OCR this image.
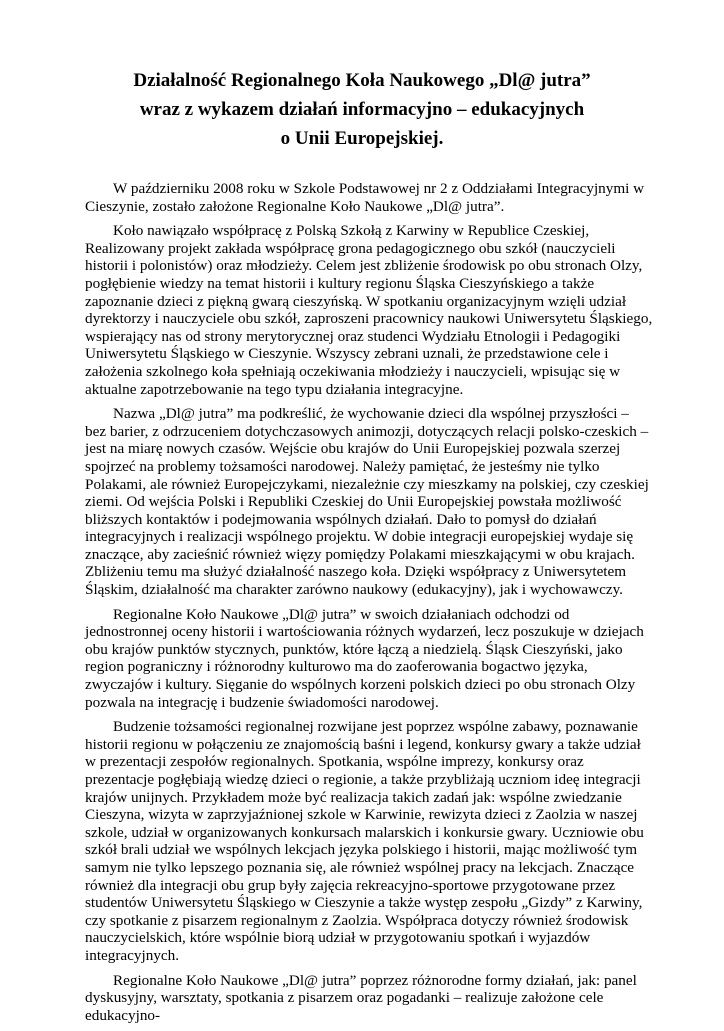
Działalność Regionalnego Koła Naukowego „Dl@ jutra”
wraz z wykazem działań informacyjno – edukacyjnych
o Unii Europejskiej.

W październiku 2008 roku w Szkole Podstawowej nr 2 z Oddziałami Integracyjnymi w Cieszynie, zostało założone Regionalne Koło Naukowe „Dl@ jutra”.

Koło nawiązało współpracę z Polską Szkołą z Karwiny w Republice Czeskiej, Realizowany projekt zakłada współpracę grona pedagogicznego obu szkół (nauczycieli historii i polonistów) oraz młodzieży. Celem jest zbliżenie środowisk po obu stronach Olzy, pogłębienie wiedzy na temat historii i kultury regionu Śląska Cieszyńskiego a także zapoznanie dzieci z piękną gwarą cieszyńską. W spotkaniu organizacyjnym wzięli udział dyrektorzy i nauczyciele obu szkół, zaproszeni pracownicy naukowi Uniwersytetu Śląskiego, wspierający nas od strony merytorycznej oraz studenci Wydziału Etnologii i Pedagogiki Uniwersytetu Śląskiego w Cieszynie. Wszyscy zebrani uznali, że przedstawione cele i założenia szkolnego koła spełniają oczekiwania młodzieży i nauczycieli, wpisując się w aktualne zapotrzebowanie na tego typu działania integracyjne.

Nazwa „Dl@ jutra” ma podkreślić, że wychowanie dzieci dla wspólnej przyszłości – bez barier, z odrzuceniem dotychczasowych animozji, dotyczących relacji polsko-czeskich – jest na miarę nowych czasów. Wejście obu krajów do Unii Europejskiej pozwala szerzej spojrzeć na problemy tożsamości narodowej. Należy pamiętać, że jesteśmy nie tylko Polakami, ale również Europejczykami, niezależnie czy mieszkamy na polskiej, czy czeskiej ziemi. Od wejścia Polski i Republiki Czeskiej do Unii Europejskiej powstała możliwość bliższych kontaktów i podejmowania wspólnych działań. Dało to pomysł do działań integracyjnych i realizacji wspólnego projektu. W dobie integracji europejskiej wydaje się znaczące, aby zacieśnić również więzy pomiędzy Polakami mieszkającymi w obu krajach. Zbliżeniu temu ma służyć działalność naszego koła. Dzięki współpracy z Uniwersytetem Śląskim, działalność ma charakter zarówno naukowy (edukacyjny), jak i wychowawczy.

Regionalne Koło Naukowe „Dl@ jutra” w swoich działaniach odchodzi od jednostronnej oceny historii i wartościowania różnych wydarzeń, lecz poszukuje w dziejach obu krajów punktów stycznych, punktów, które łączą a niedzielą. Śląsk Cieszyński, jako region pograniczny i różnorodny kulturowo ma do zaoferowania bogactwo języka, zwyczajów i kultury. Sięganie do wspólnych korzeni polskich dzieci po obu stronach Olzy pozwala na integrację i budzenie świadomości narodowej.

Budzenie tożsamości regionalnej rozwijane jest poprzez wspólne zabawy, poznawanie historii regionu w połączeniu ze znajomością baśni i legend, konkursy gwary a także udział w prezentacji zespołów regionalnych. Spotkania, wspólne imprezy, konkursy oraz prezentacje pogłębiają wiedzę dzieci o regionie, a także przybliżają uczniom ideę integracji krajów unijnych. Przykładem może być realizacja takich zadań jak: wspólne zwiedzanie Cieszyna, wizyta w zaprzyjaźnionej szkole w Karwinie, rewizyta dzieci z Zaolzia w naszej szkole, udział w organizowanych konkursach malarskich i konkursie gwary. Uczniowie obu szkół brali udział we wspólnych lekcjach języka polskiego i historii, mając możliwość tym samym nie tylko lepszego poznania się, ale również wspólnej pracy na lekcjach. Znaczące również dla integracji obu grup były zajęcia rekreacyjno-sportowe przygotowane przez studentów Uniwersytetu Śląskiego w Cieszynie a także występ zespołu „Gizdy” z Karwiny, czy spotkanie z pisarzem regionalnym z Zaolzia. Współpraca dotyczy również środowisk nauczycielskich, które wspólnie biorą udział w przygotowaniu spotkań i wyjazdów integracyjnych.

Regionalne Koło Naukowe „Dl@ jutra” poprzez różnorodne formy działań, jak: panel dyskusyjny, warsztaty, spotkania z pisarzem oraz pogadanki – realizuje założone cele edukacyjno-
